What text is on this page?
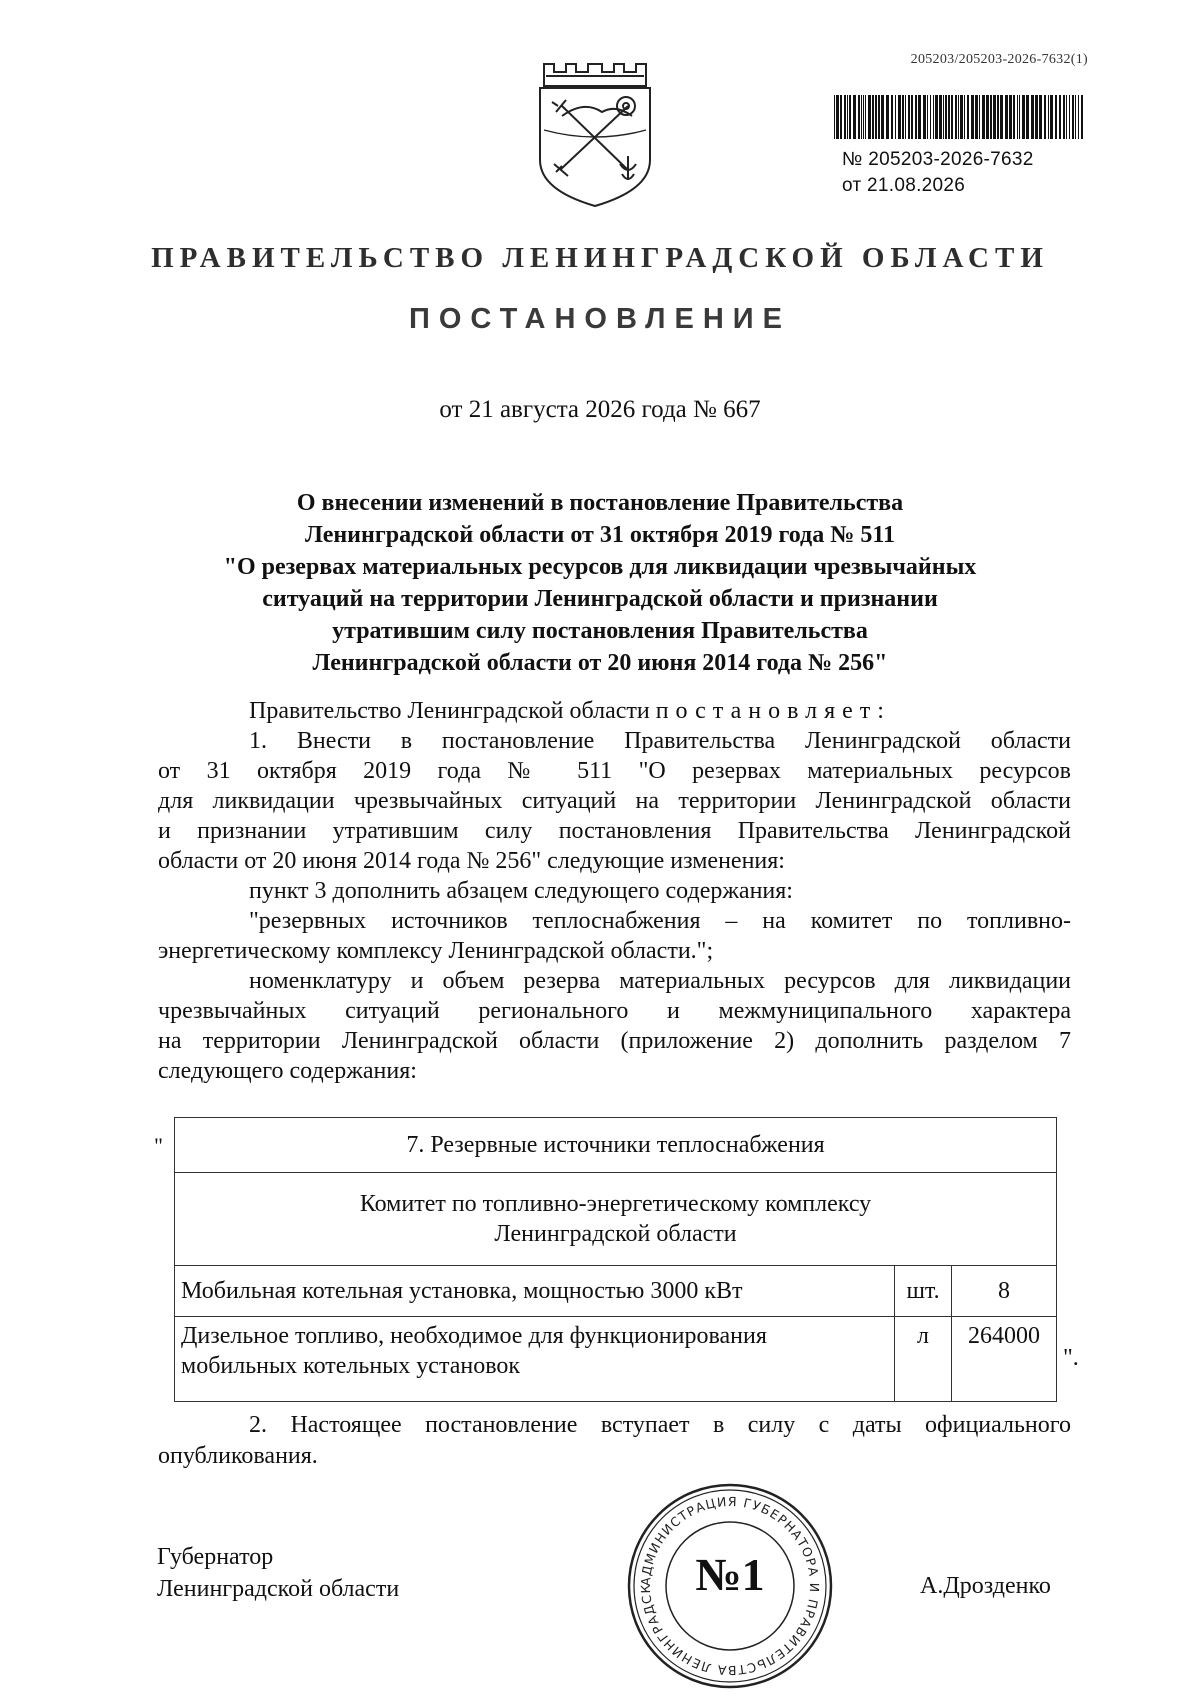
205203/205203-2026-7632(1)
№ 205203-2026-7632
от 21.08.2026
ПРАВИТЕЛЬСТВО ЛЕНИНГРАДСКОЙ ОБЛАСТИ
ПОСТАНОВЛЕНИЕ
от 21 августа 2026 года № 667
О внесении изменений в постановление Правительства
Ленинградской области от 31 октября 2019 года № 511
"О резервах материальных ресурсов для ликвидации чрезвычайных
ситуаций на территории Ленинградской области и признании
утратившим силу постановления Правительства
Ленинградской области от 20 июня 2014 года № 256"
Правительство Ленинградской области постановляет:
1. Внести в постановление Правительства Ленинградской области
от 31 октября 2019 года № 511 "О резервах материальных ресурсов
для ликвидации чрезвычайных ситуаций на территории Ленинградской области
и признании утратившим силу постановления Правительства Ленинградской
области от 20 июня 2014 года № 256" следующие изменения:
пункт 3 дополнить абзацем следующего содержания:
"резервных источников теплоснабжения – на комитет по топливно-
энергетическому комплексу Ленинградской области.";
номенклатуру и объем резерва материальных ресурсов для ликвидации
чрезвычайных ситуаций регионального и межмуниципального характера
на территории Ленинградской области (приложение 2) дополнить разделом 7
следующего содержания:
"	7. Резервные источники теплоснабжения		

Комитет по топливно-энергетическому комплексу
Ленинградской области		

Мобильная котельная установка, мощностью 3000 кВт	шт.	8

Дизельное топливо, необходимое для функционирования
мобильных котельных установок	л	264000
".
2. Настоящее постановление вступает в силу с даты официального
опубликования.
Губернатор
Ленинградской области	А.Дрозденко
АДМИНИСТРАЦИЯ ГУБЕРНАТОРА И ПРАВИТЕЛЬСТВА ЛЕНИНГРАДСК №1
